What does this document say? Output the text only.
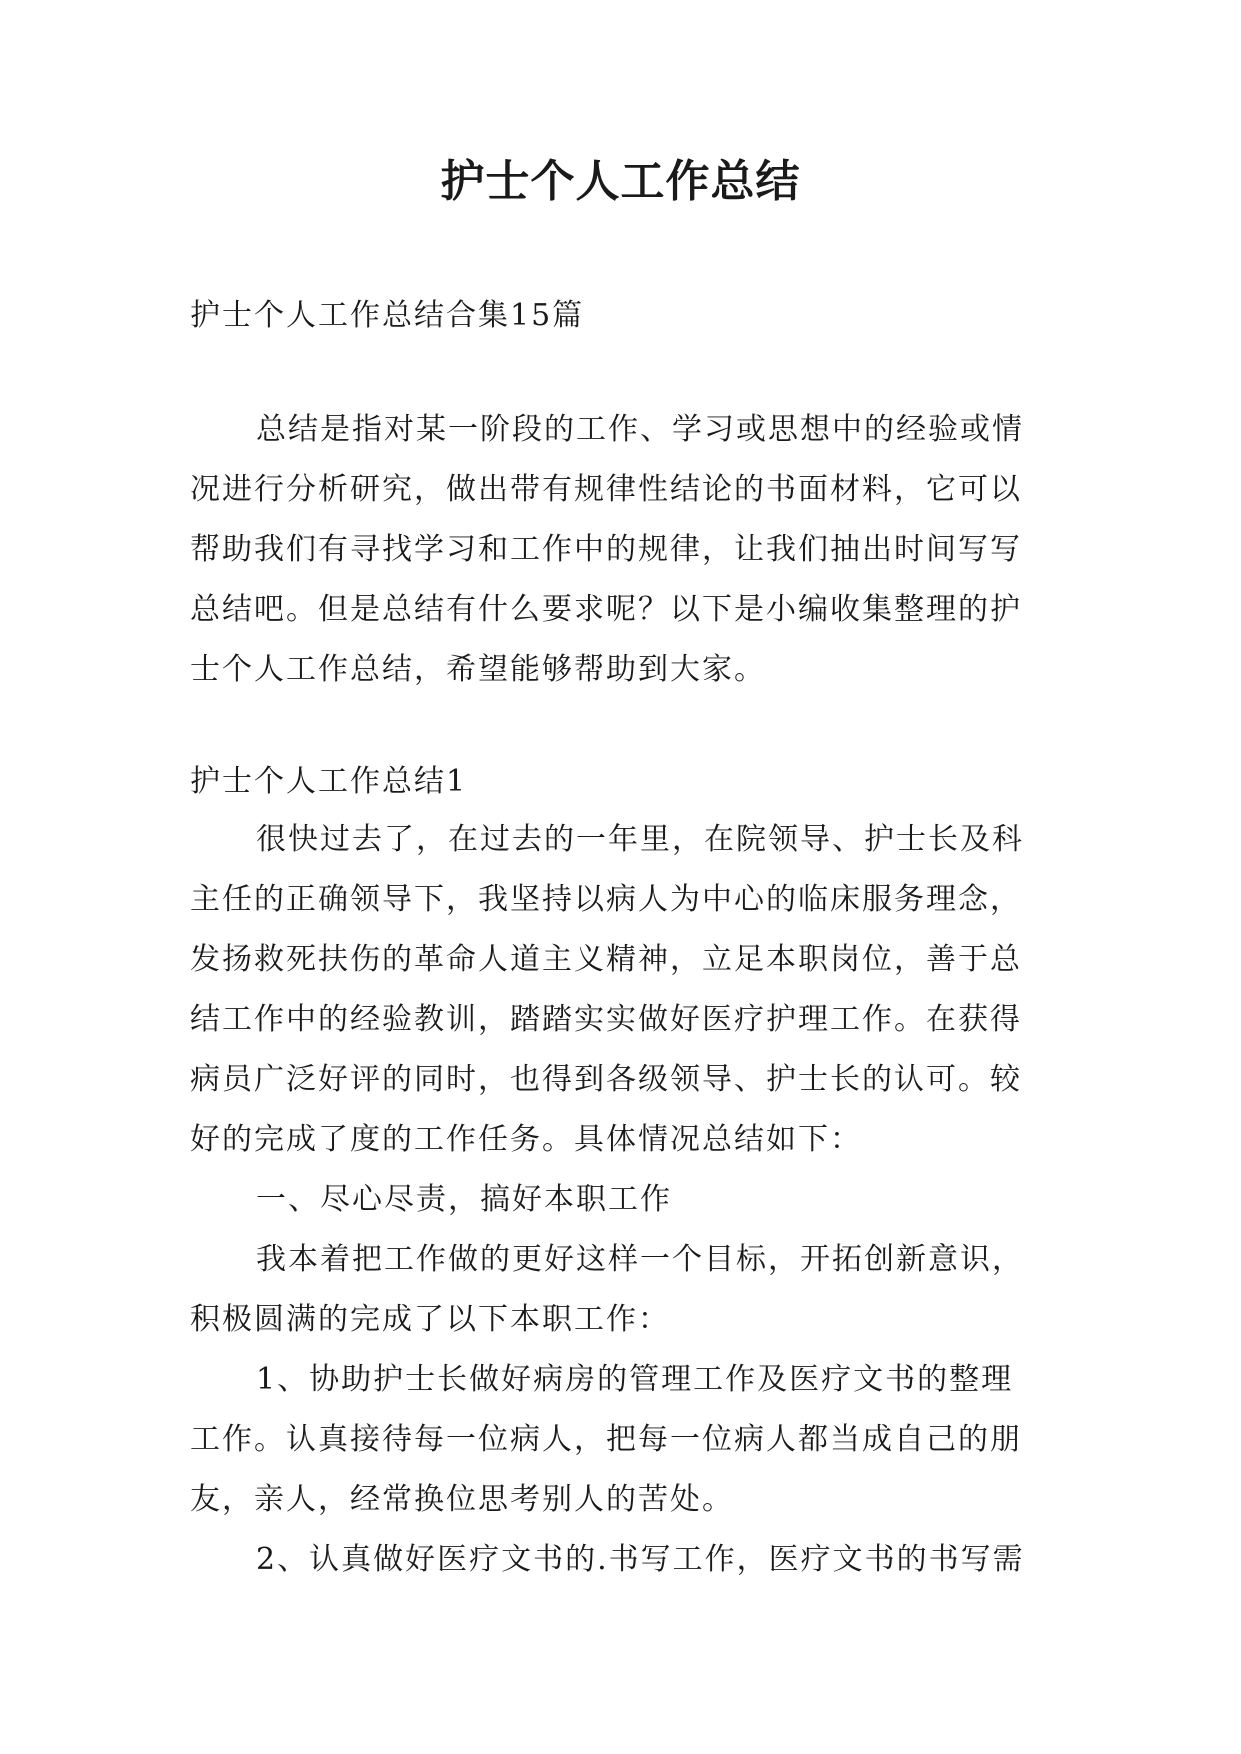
护士个人工作总结
护士个人工作总结合集15篇
总结是指对某一阶段的工作、学习或思想中的经验或情
况进行分析研究，做出带有规律性结论的书面材料，它可以
帮助我们有寻找学习和工作中的规律，让我们抽出时间写写
总结吧。但是总结有什么要求呢？以下是小编收集整理的护
士个人工作总结，希望能够帮助到大家。
护士个人工作总结1
很快过去了，在过去的一年里，在院领导、护士长及科
主任的正确领导下，我坚持以病人为中心的临床服务理念，
发扬救死扶伤的革命人道主义精神，立足本职岗位，善于总
结工作中的经验教训，踏踏实实做好医疗护理工作。在获得
病员广泛好评的同时，也得到各级领导、护士长的认可。较
好的完成了度的工作任务。具体情况总结如下：
一、尽心尽责，搞好本职工作
我本着把工作做的更好这样一个目标，开拓创新意识，
积极圆满的完成了以下本职工作：
1、协助护士长做好病房的管理工作及医疗文书的整理
工作。认真接待每一位病人，把每一位病人都当成自己的朋
友，亲人，经常换位思考别人的苦处。
2、认真做好医疗文书的.书写工作，医疗文书的书写需
